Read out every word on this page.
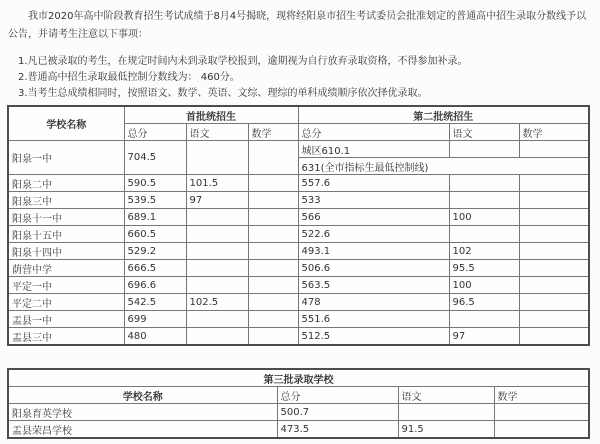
我市2020年高中阶段教育招生考试成绩于8月4号揭晓，现将经阳泉市招生考试委员会批准划定的普通高中招生录取分数线予以公告，并请考生注意以下事项：

1.凡已被录取的考生，在规定时间内未到录取学校报到，逾期视为自行放弃录取资格，不得参加补录。

2.普通高中招生录取最低控制分数线为： 460分。

3.当考生总成绩相同时，按照语文、数学、英语、文综、理综的单科成绩顺序依次择优录取。

学校名称	首批统招生			第二批统招生		
	总分	语文	数学	总分	语文	数学
阳泉一中	704.5			城区610.1		
				631(全市指标生最低控制线)		
阳泉二中	590.5	101.5		557.6		
阳泉三中	539.5	97		533		
阳泉十一中	689.1			566	100	
阳泉十五中	660.5			522.6		
阳泉十四中	529.2			493.1	102	
荫营中学	666.5			506.6	95.5	
平定一中	696.6			563.5	100	
平定二中	542.5	102.5		478	96.5	
盂县一中	699			551.6		
盂县三中	480			512.5	97	
第三批录取学校			
学校名称	总分	语文	数学
阳泉育英学校	500.7		
盂县荣昌学校	473.5	91.5	
